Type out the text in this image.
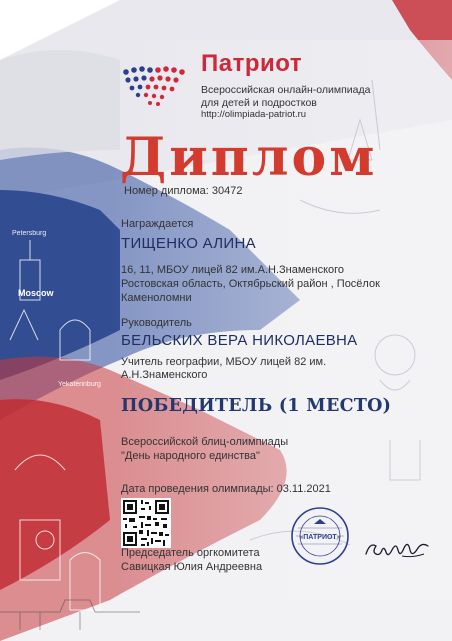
Petersburg
Moscow
Yekaterinburg
Патриот
Всероссийская онлайн-олимпиада для детей и подростков
http://olimpiada-patriot.ru
Диплом
Номер диплома: 30472
Награждается
ТИЩЕНКО АЛИНА
16, 11, МБОУ лицей 82 им.А.Н.Знаменского
Ростовская область, Октябрьский район , Посёлок
Каменоломни
Руководитель
БЕЛЬСКИХ ВЕРА НИКОЛАЕВНА
Учитель географии, МБОУ лицей 82 им.
А.Н.Знаменского
ПОБЕДИТЕЛЬ (1 МЕСТО)
Всероссийской блиц-олимпиады
"День народного единства"
Дата проведения олимпиады: 03.11.2021
Председатель оргкомитета
Савицкая Юлия Андреевна
«ПАТРИОТ»
